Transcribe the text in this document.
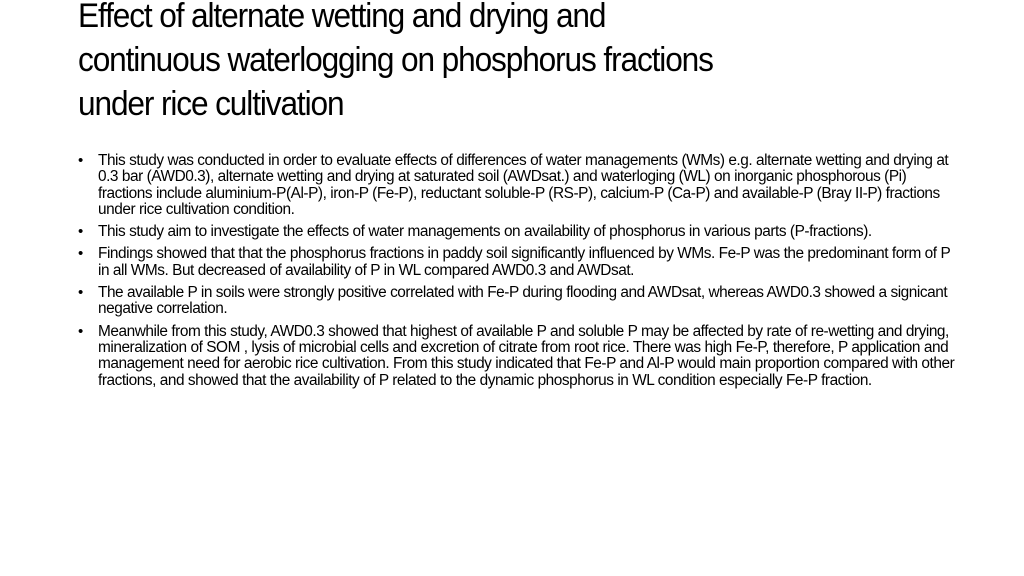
Effect of alternate wetting and drying and
continuous waterlogging on phosphorus fractions
under rice cultivation
• This study was conducted in order to evaluate effects of differences of water managements (WMs) e.g. alternate wetting and drying at 0.3 bar (AWD0.3), alternate wetting and drying at saturated soil (AWDsat.) and waterloging (WL) on inorganic phosphorous (Pi) fractions include aluminium-P(Al-P), iron-P (Fe-P), reductant soluble-P (RS-P), calcium-P (Ca-P) and available-P (Bray II-P) fractions under rice cultivation condition.
• This study aim to investigate the effects of water managements on availability of phosphorus in various parts (P-fractions).
• Findings showed that that the phosphorus fractions in paddy soil significantly influenced by WMs. Fe-P was the predominant form of P in all WMs. But decreased of availability of P in WL compared AWD0.3 and AWDsat.
• The available P in soils were strongly positive correlated with Fe-P during flooding and AWDsat, whereas AWD0.3 showed a signicant negative correlation.
• Meanwhile from this study, AWD0.3 showed that highest of available P and soluble P may be affected by rate of re-wetting and drying, mineralization of SOM , lysis of microbial cells and excretion of citrate from root rice. There was high Fe-P, therefore, P application and management need for aerobic rice cultivation. From this study indicated that Fe-P and Al-P would main proportion compared with other fractions, and showed that the availability of P related to the dynamic phosphorus in WL condition especially Fe-P fraction.
